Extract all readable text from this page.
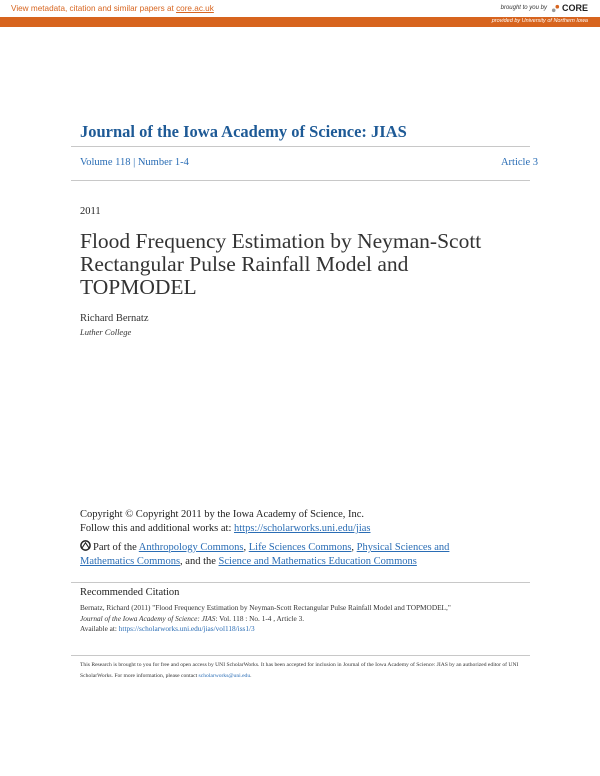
View metadata, citation and similar papers at core.ac.uk	brought to you by CORE
provided by University of Northern Iowa
Journal of the Iowa Academy of Science: JIAS
Volume 118 | Number 1-4	Article 3
2011
Flood Frequency Estimation by Neyman-Scott Rectangular Pulse Rainfall Model and TOPMODEL
Richard Bernatz
Luther College
Copyright © Copyright 2011 by the Iowa Academy of Science, Inc.
Follow this and additional works at: https://scholarworks.uni.edu/jias
Part of the Anthropology Commons, Life Sciences Commons, Physical Sciences and Mathematics Commons, and the Science and Mathematics Education Commons
Recommended Citation
Bernatz, Richard (2011) "Flood Frequency Estimation by Neyman-Scott Rectangular Pulse Rainfall Model and TOPMODEL,"
Journal of the Iowa Academy of Science: JIAS: Vol. 118 : No. 1-4 , Article 3.
Available at: https://scholarworks.uni.edu/jias/vol118/iss1/3
This Research is brought to you for free and open access by UNI ScholarWorks. It has been accepted for inclusion in Journal of the Iowa Academy of Science: JIAS by an authorized editor of UNI ScholarWorks. For more information, please contact scholarworks@uni.edu.
